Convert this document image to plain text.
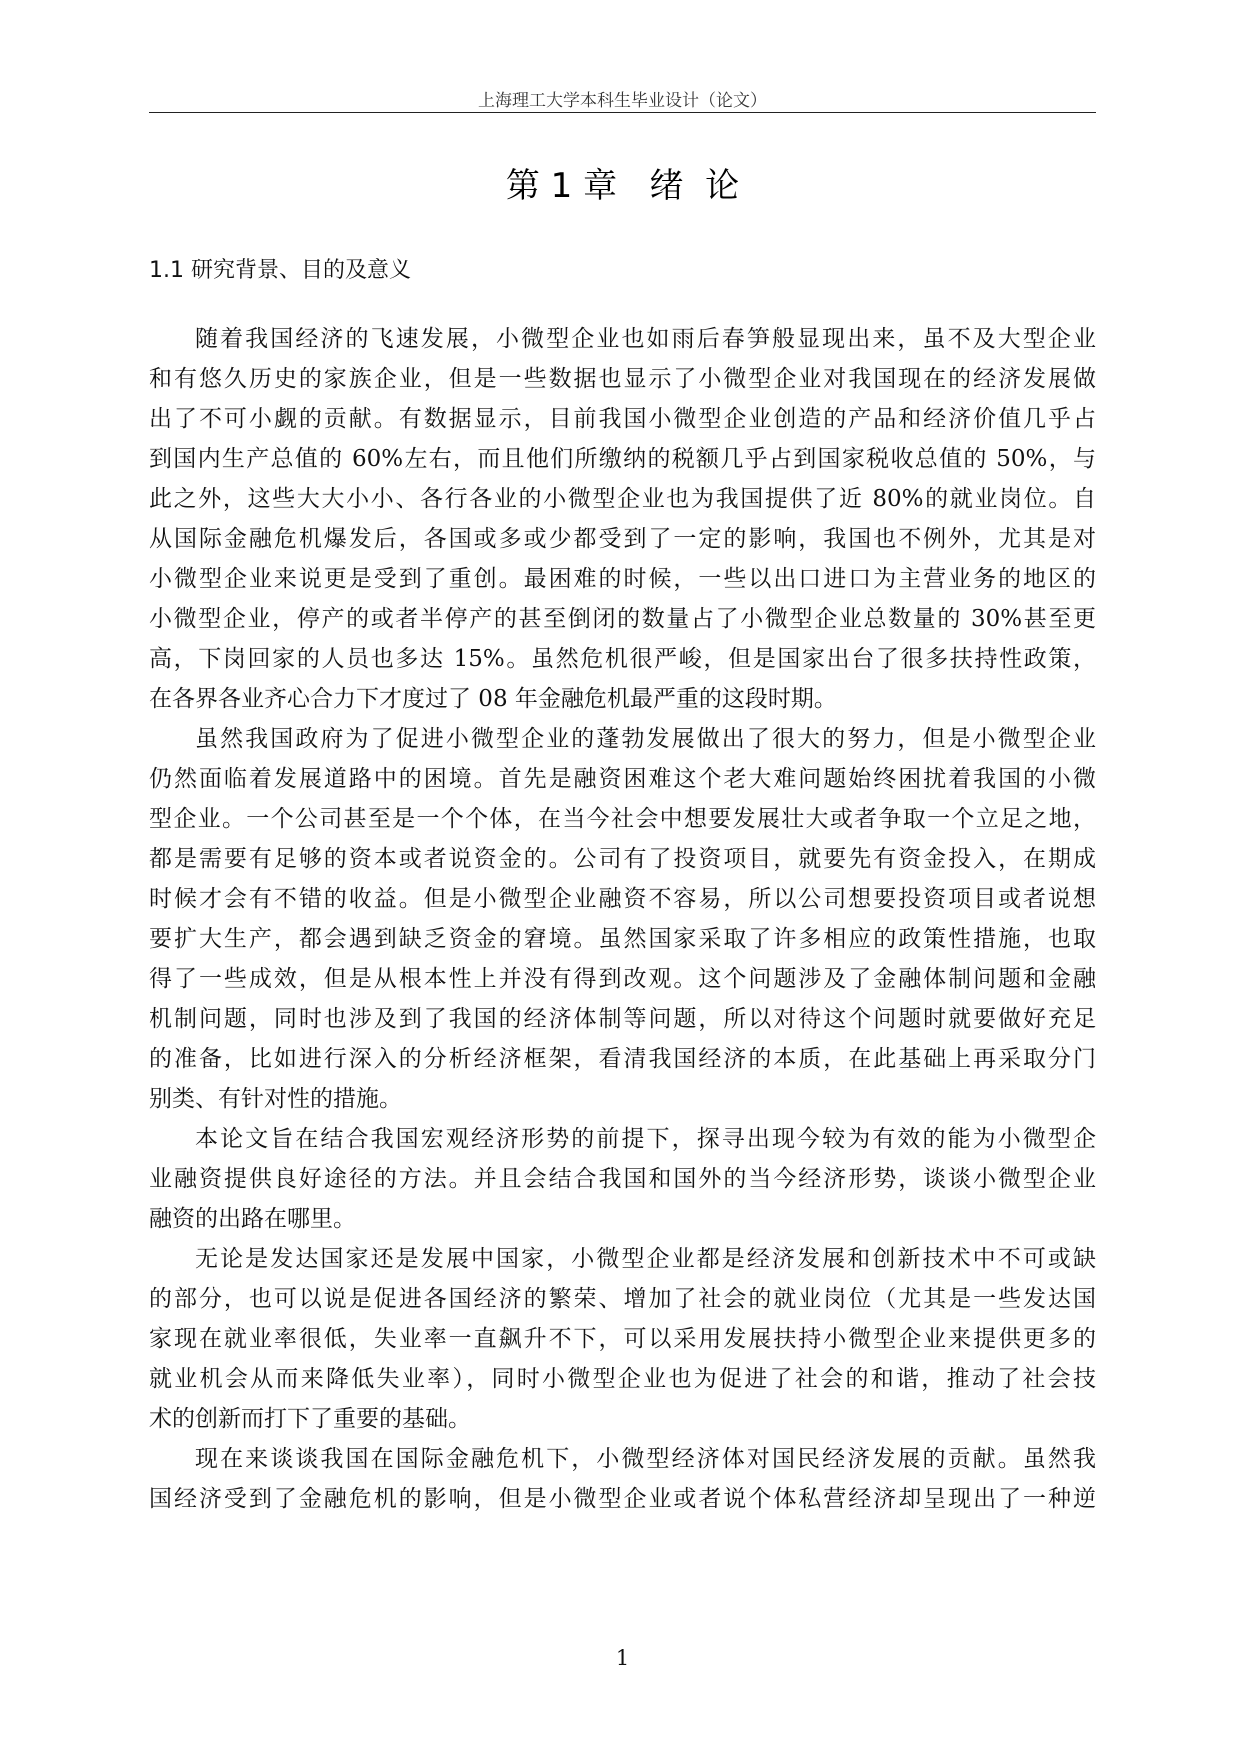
上海理工大学本科生毕业设计（论文）
第 1 章   绪  论
1.1 研究背景、目的及意义
随着我国经济的飞速发展，小微型企业也如雨后春笋般显现出来，虽不及大型企业
和有悠久历史的家族企业，但是一些数据也显示了小微型企业对我国现在的经济发展做
出了不可小觑的贡献。有数据显示，目前我国小微型企业创造的产品和经济价值几乎占
到国内生产总值的 60%左右，而且他们所缴纳的税额几乎占到国家税收总值的 50%，与
此之外，这些大大小小、各行各业的小微型企业也为我国提供了近 80%的就业岗位。自
从国际金融危机爆发后，各国或多或少都受到了一定的影响，我国也不例外，尤其是对
小微型企业来说更是受到了重创。最困难的时候，一些以出口进口为主营业务的地区的
小微型企业，停产的或者半停产的甚至倒闭的数量占了小微型企业总数量的 30%甚至更
高，下岗回家的人员也多达 15%。虽然危机很严峻，但是国家出台了很多扶持性政策，
在各界各业齐心合力下才度过了 08 年金融危机最严重的这段时期。
虽然我国政府为了促进小微型企业的蓬勃发展做出了很大的努力，但是小微型企业
仍然面临着发展道路中的困境。首先是融资困难这个老大难问题始终困扰着我国的小微
型企业。一个公司甚至是一个个体，在当今社会中想要发展壮大或者争取一个立足之地，
都是需要有足够的资本或者说资金的。公司有了投资项目，就要先有资金投入，在期成
时候才会有不错的收益。但是小微型企业融资不容易，所以公司想要投资项目或者说想
要扩大生产，都会遇到缺乏资金的窘境。虽然国家采取了许多相应的政策性措施，也取
得了一些成效，但是从根本性上并没有得到改观。这个问题涉及了金融体制问题和金融
机制问题，同时也涉及到了我国的经济体制等问题，所以对待这个问题时就要做好充足
的准备，比如进行深入的分析经济框架，看清我国经济的本质，在此基础上再采取分门
别类、有针对性的措施。
本论文旨在结合我国宏观经济形势的前提下，探寻出现今较为有效的能为小微型企
业融资提供良好途径的方法。并且会结合我国和国外的当今经济形势，谈谈小微型企业
融资的出路在哪里。
无论是发达国家还是发展中国家，小微型企业都是经济发展和创新技术中不可或缺
的部分，也可以说是促进各国经济的繁荣、增加了社会的就业岗位（尤其是一些发达国
家现在就业率很低，失业率一直飙升不下，可以采用发展扶持小微型企业来提供更多的
就业机会从而来降低失业率），同时小微型企业也为促进了社会的和谐，推动了社会技
术的创新而打下了重要的基础。
现在来谈谈我国在国际金融危机下，小微型经济体对国民经济发展的贡献。虽然我
国经济受到了金融危机的影响，但是小微型企业或者说个体私营经济却呈现出了一种逆
1
